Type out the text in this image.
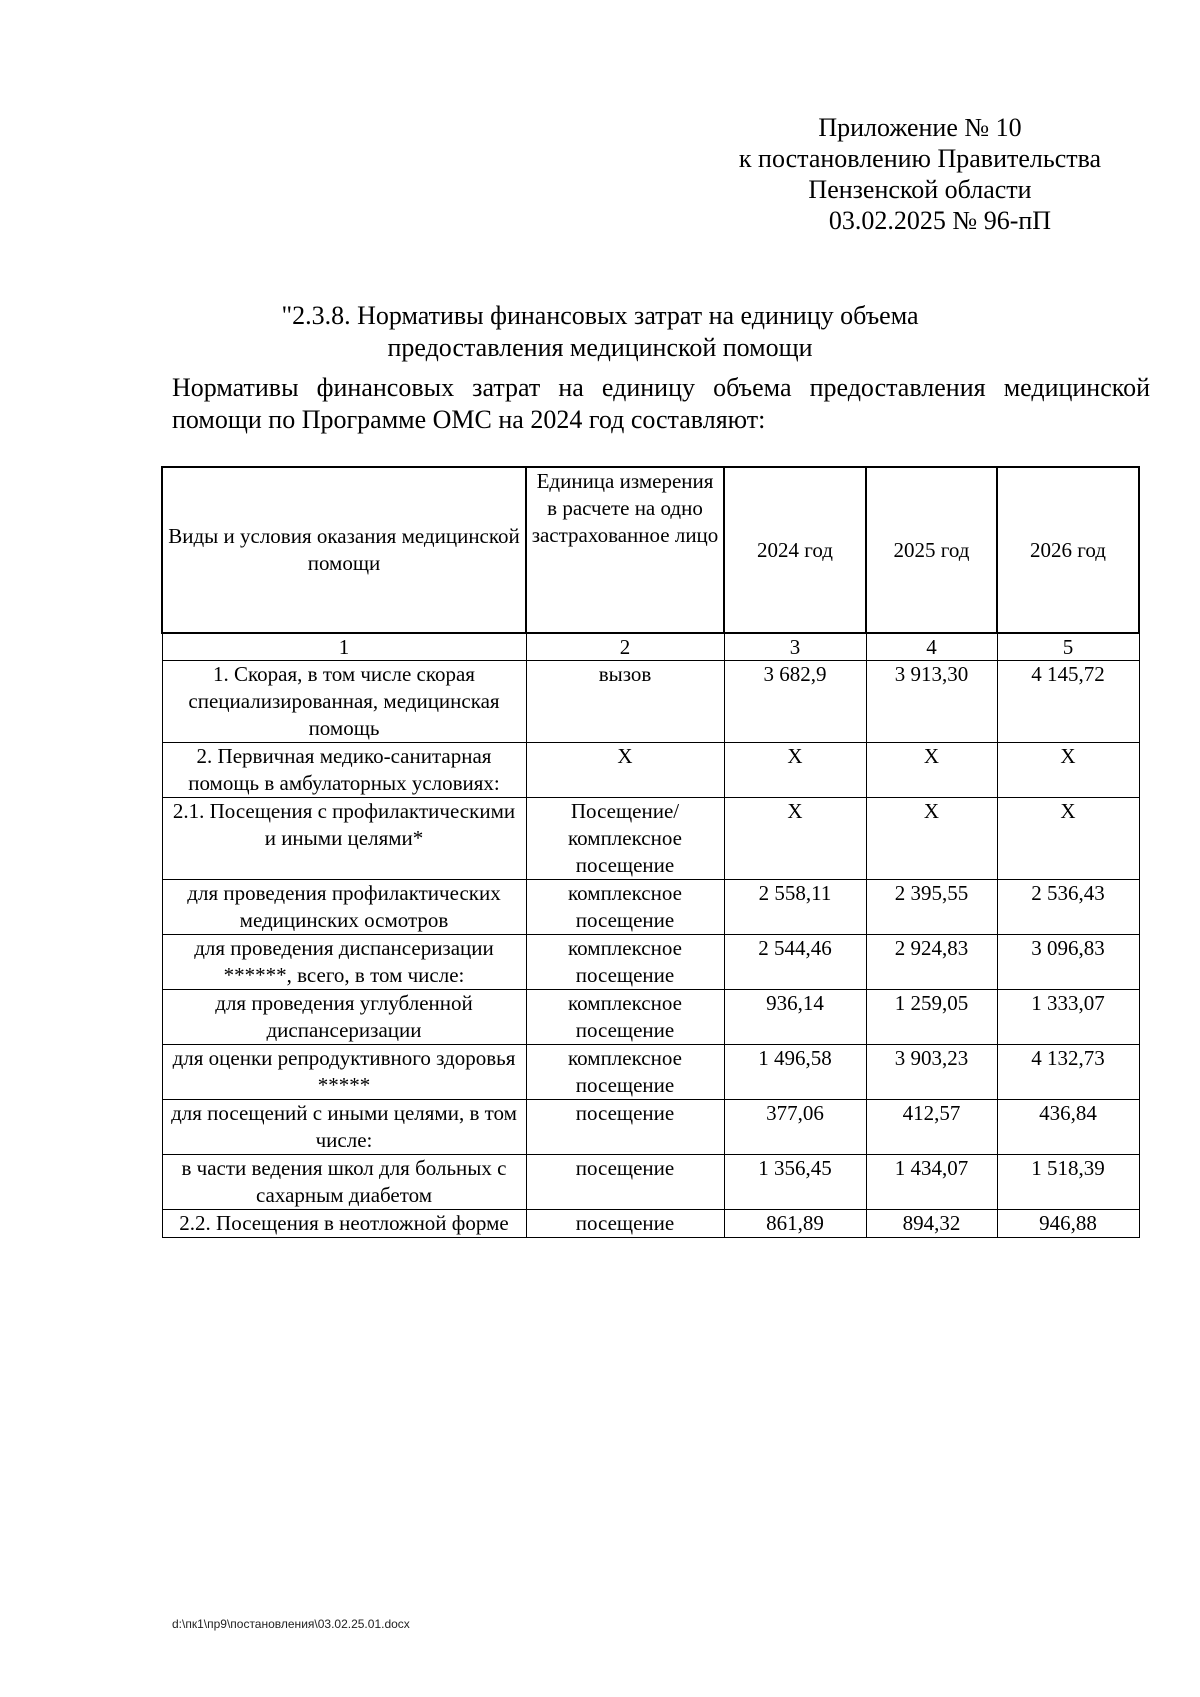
Приложение № 10
к постановлению Правительства
Пензенской области
03.02.2025 № 96-пП
"2.3.8. Нормативы финансовых затрат на единицу объема
предоставления медицинской помощи
Нормативы финансовых затрат на единицу объема предоставления медицинской помощи по Программе ОМС на 2024 год составляют:
Виды и условия оказания медицинской помощи	Единица измерения в расчете на одно застрахованное лицо	2024 год	2025 год	2026 год
1	2	3	4	5
1. Скорая, в том числе скорая специализированная, медицинская помощь	вызов	3 682,9	3 913,30	4 145,72
2. Первичная медико-санитарная помощь в амбулаторных условиях:	Х	Х	Х	Х
2.1. Посещения с профилактическими и иными целями*	Посещение/ комплексное посещение	Х	Х	Х
для проведения профилактических медицинских осмотров	комплексное посещение	2 558,11	2 395,55	2 536,43
для проведения диспансеризации ******, всего, в том числе:	комплексное посещение	2 544,46	2 924,83	3 096,83
для проведения углубленной диспансеризации	комплексное посещение	936,14	1 259,05	1 333,07
для оценки репродуктивного здоровья *****	комплексное посещение	1 496,58	3 903,23	4 132,73
для посещений с иными целями, в том числе:	посещение	377,06	412,57	436,84
в части ведения школ для больных с сахарным диабетом	посещение	1 356,45	1 434,07	1 518,39
2.2. Посещения в неотложной форме	посещение	861,89	894,32	946,88
d:\пк1\пр9\постановления\03.02.25.01.docx
